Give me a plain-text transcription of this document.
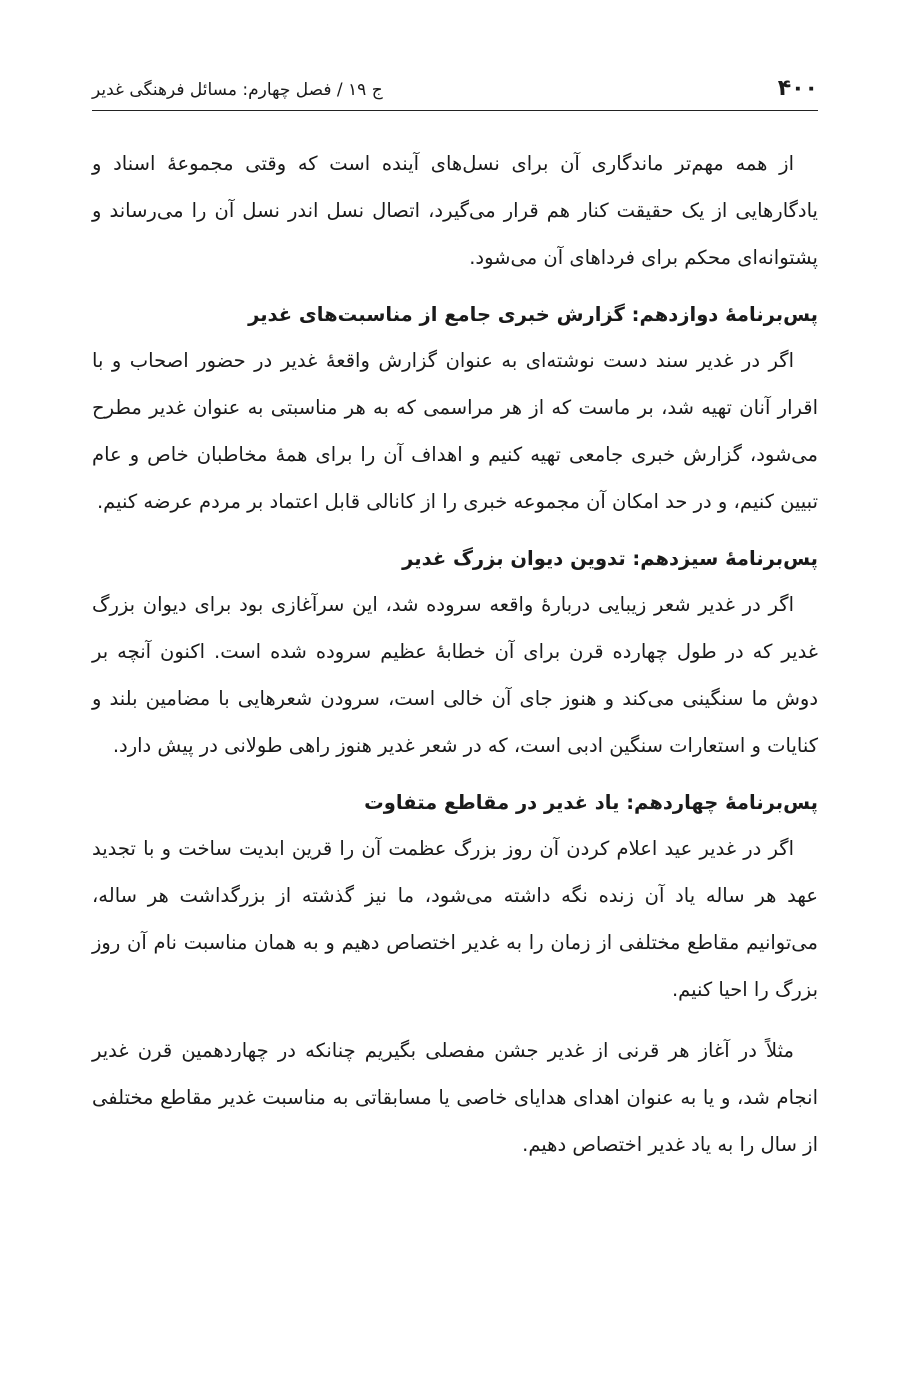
۴۰۰
ج ۱۹ / فصل چهارم: مسائل فرهنگی غدیر

از همه مهم‌تر ماندگاری آن برای نسل‌های آینده است که وقتی مجموعهٔ اسناد و یادگارهایی از یک حقیقت کنار هم قرار می‌گیرد، اتصال نسل اندر نسل آن را می‌رساند و پشتوانه‌ای محکم برای فرداهای آن می‌شود.

پس‌برنامهٔ دوازدهم: گزارش خبری جامع از مناسبت‌های غدیر

اگر در غدیر سند دست نوشته‌ای به عنوان گزارش واقعهٔ غدیر در حضور اصحاب و با اقرار آنان تهیه شد، بر ماست که از هر مراسمی که به هر مناسبتی به عنوان غدیر مطرح می‌شود، گزارش خبری جامعی تهیه کنیم و اهداف آن را برای همهٔ مخاطبان خاص و عام تبیین کنیم، و در حد امکان آن مجموعه خبری را از کانالی قابل اعتماد بر مردم عرضه کنیم.

پس‌برنامهٔ سیزدهم: تدوین دیوان بزرگ غدیر

اگر در غدیر شعر زیبایی دربارهٔ واقعه سروده شد، این سرآغازی بود برای دیوان بزرگ غدیر که در طول چهارده قرن برای آن خطابهٔ عظیم سروده شده است. اکنون آنچه بر دوش ما سنگینی می‌کند و هنوز جای آن خالی است، سرودن شعرهایی با مضامین بلند و کنایات و استعارات سنگین ادبی است، که در شعر غدیر هنوز راهی طولانی در پیش دارد.

پس‌برنامهٔ چهاردهم: یاد غدیر در مقاطع متفاوت

اگر در غدیر عید اعلام کردن آن روز بزرگ عظمت آن را قرین ابدیت ساخت و با تجدید عهد هر ساله یاد آن زنده نگه داشته می‌شود، ما نیز گذشته از بزرگداشت هر ساله، می‌توانیم مقاطع مختلفی از زمان را به غدیر اختصاص دهیم و به همان مناسبت نام آن روز بزرگ را احیا کنیم.

مثلاً در آغاز هر قرنی از غدیر جشن مفصلی بگیریم چنانکه در چهاردهمین قرن غدیر انجام شد، و یا به عنوان اهدای هدایای خاصی یا مسابقاتی به مناسبت غدیر مقاطع مختلفی از سال را به یاد غدیر اختصاص دهیم.
